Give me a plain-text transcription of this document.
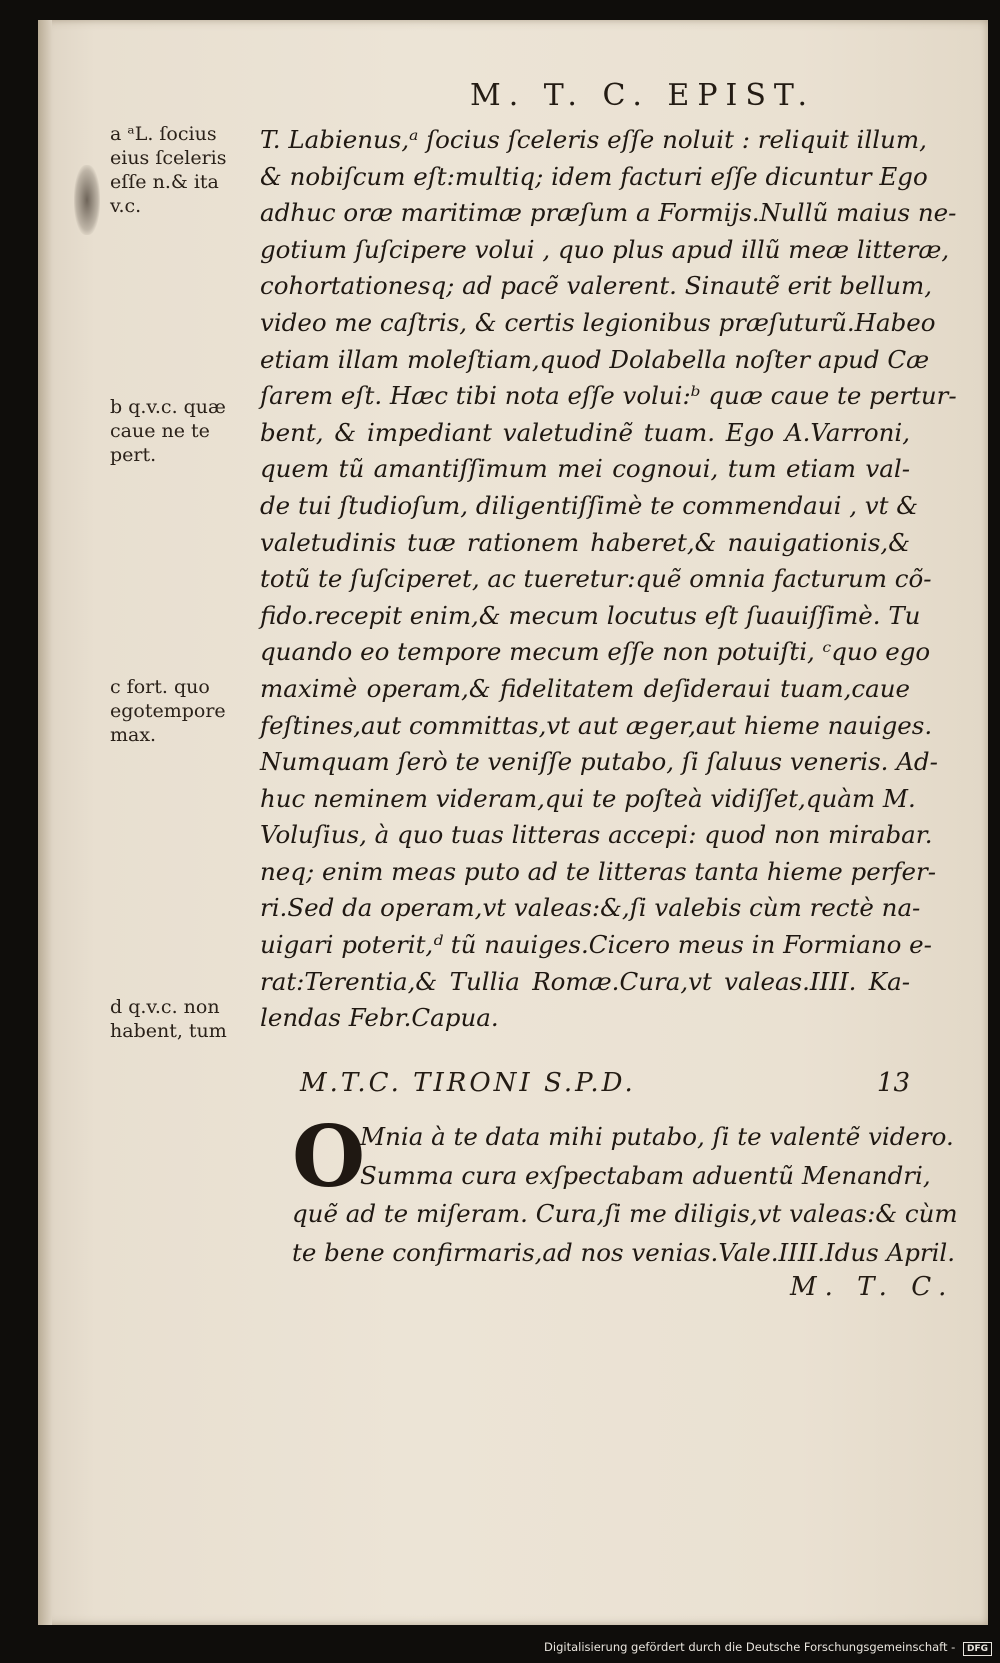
M. T. C. EPIST.
a ᵃL. ſocius
eius ſceleris
eſſe n.& ita
v.c.
b q.v.c. quæ
caue ne te
pert.
c fort. quo
egotempore
max.
d q.v.c. non
habent, tum
T. Labienus,ᵃ ſocius ſceleris eſſe noluit : reliquit illum,
& nobiſcum eſt:multiq; idem facturi eſſe dicuntur Ego
adhuc oræ maritimæ præſum a Formijs.Nullũ maius ne-
gotium ſuſcipere volui , quo plus apud illũ meæ litteræ,
cohortationesq; ad pacẽ valerent. Sinautẽ erit bellum,
video me caſtris, & certis legionibus præſuturũ.Habeo
etiam illam moleſtiam,quod Dolabella noſter apud Cæ
ſarem eſt. Hæc tibi nota eſſe volui:ᵇ quæ caue te pertur-
bent, & impediant valetudinẽ tuam. Ego A.Varroni,
quem tũ amantiſſimum mei cognoui, tum etiam val-
de tui ſtudioſum, diligentiſſimè te commendaui , vt &
valetudinis tuæ rationem haberet,& nauigationis,&
totũ te ſuſciperet, ac tueretur:quẽ omnia facturum cõ-
fido.recepit enim,& mecum locutus eſt ſuauiſſimè. Tu
quando eo tempore mecum eſſe non potuiſti, ᶜquo ego
maximè operam,& fidelitatem deſideraui tuam,caue
feſtines,aut committas,vt aut æger,aut hieme nauiges.
Numquam ſerò te veniſſe putabo, ſi ſaluus veneris. Ad-
huc neminem videram,qui te poſteà vidiſſet,quàm M.
Voluſius, à quo tuas litteras accepi: quod non mirabar.
neq; enim meas puto ad te litteras tanta hieme perfer-
ri.Sed da operam,vt valeas:&,ſi valebis cùm rectè na-
uigari poterit,ᵈ tũ nauiges.Cicero meus in Formiano e-
rat:Terentia,& Tullia Romæ.Cura,vt valeas.IIII. Ka-
lendas Febr.Capua.
M.T.C. TIRONI S.P.D.	13
O
Mnia à te data mihi putabo, ſi te valentẽ videro.
Summa cura exſpectabam aduentũ Menandri,
quẽ ad te miſeram. Cura,ſi me diligis,vt valeas:& cùm
te bene confirmaris,ad nos venias.Vale.IIII.Idus April.
M. T. C.
Digitalisierung gefördert durch die Deutsche Forschungsgemeinschaft - DFG
